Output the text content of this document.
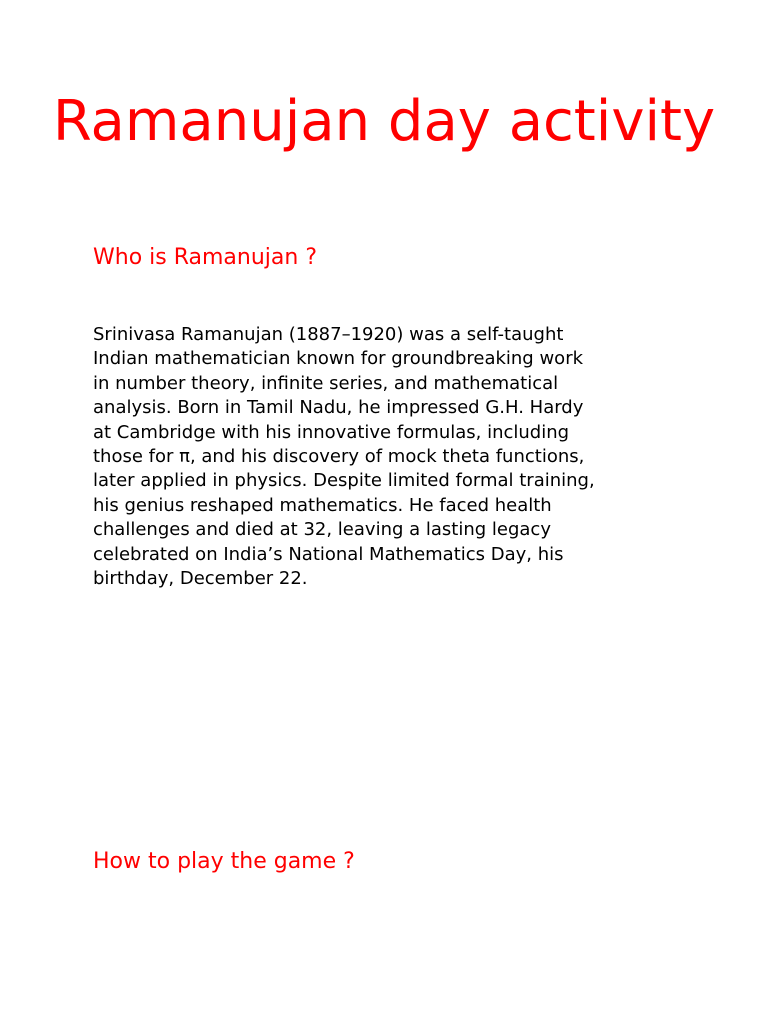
Ramanujan day activity
Who is Ramanujan ?

Srinivasa Ramanujan (1887–1920) was a self-taught
Indian mathematician known for groundbreaking work
in number theory, infinite series, and mathematical
analysis. Born in Tamil Nadu, he impressed G.H. Hardy
at Cambridge with his innovative formulas, including
those for π, and his discovery of mock theta functions,
later applied in physics. Despite limited formal training,
his genius reshaped mathematics. He faced health
challenges and died at 32, leaving a lasting legacy
celebrated on India’s National Mathematics Day, his
birthday, December 22.

How to play the game ?
